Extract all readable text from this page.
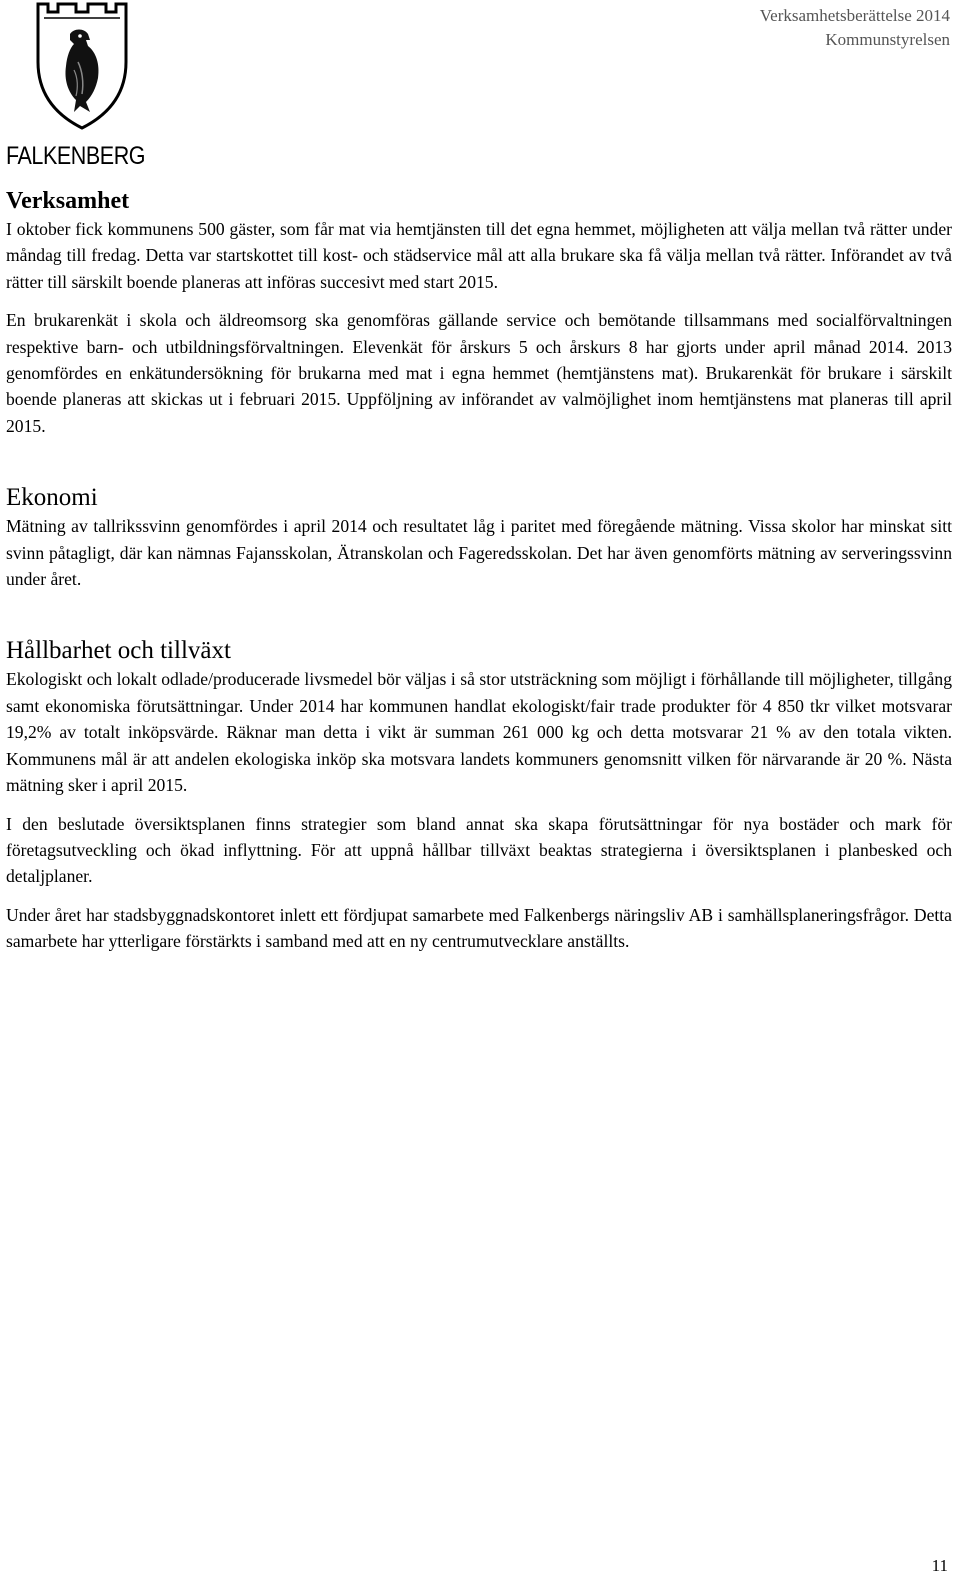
FALKENBERG
Verksamhetsberättelse 2014
Kommunstyrelsen
Verksamhet

I oktober fick kommunens 500 gäster, som får mat via hemtjänsten till det egna hemmet, möjligheten att välja mellan två rätter under måndag till fredag. Detta var startskottet till kost- och städservice mål att alla brukare ska få välja mellan två rätter. Införandet av två rätter till särskilt boende planeras att införas succesivt med start 2015.

En brukarenkät i skola och äldreomsorg ska genomföras gällande service och bemötande tillsammans med socialförvaltningen respektive barn- och utbildningsförvaltningen. Elevenkät för årskurs 5 och årskurs 8 har gjorts under april månad 2014. 2013 genomfördes en enkätundersökning för brukarna med mat i egna hemmet (hemtjänstens mat). Brukarenkät för brukare i särskilt boende planeras att skickas ut i februari 2015. Uppföljning av införandet av valmöjlighet inom hemtjänstens mat planeras till april 2015.

Ekonomi

Mätning av tallrikssvinn genomfördes i april 2014 och resultatet låg i paritet med föregående mätning. Vissa skolor har minskat sitt svinn påtagligt, där kan nämnas Fajansskolan, Ätranskolan och Fageredsskolan. Det har även genomförts mätning av serveringssvinn under året.

Hållbarhet och tillväxt

Ekologiskt och lokalt odlade/producerade livsmedel bör väljas i så stor utsträckning som möjligt i förhållande till möjligheter, tillgång samt ekonomiska förutsättningar. Under 2014 har kommunen handlat ekologiskt/fair trade produkter för 4 850 tkr vilket motsvarar 19,2% av totalt inköpsvärde. Räknar man detta i vikt är summan 261 000 kg och detta motsvarar 21 % av den totala vikten. Kommunens mål är att andelen ekologiska inköp ska motsvara landets kommuners genomsnitt vilken för närvarande är 20 %. Nästa mätning sker i april 2015.

I den beslutade översiktsplanen finns strategier som bland annat ska skapa förutsättningar för nya bostäder och mark för företagsutveckling och ökad inflyttning. För att uppnå hållbar tillväxt beaktas strategierna i översiktsplanen i planbesked och detaljplaner.

Under året har stadsbyggnadskontoret inlett ett fördjupat samarbete med Falkenbergs näringsliv AB i samhällsplaneringsfrågor. Detta samarbete har ytterligare förstärkts i samband med att en ny centrumutvecklare anställts.

11
